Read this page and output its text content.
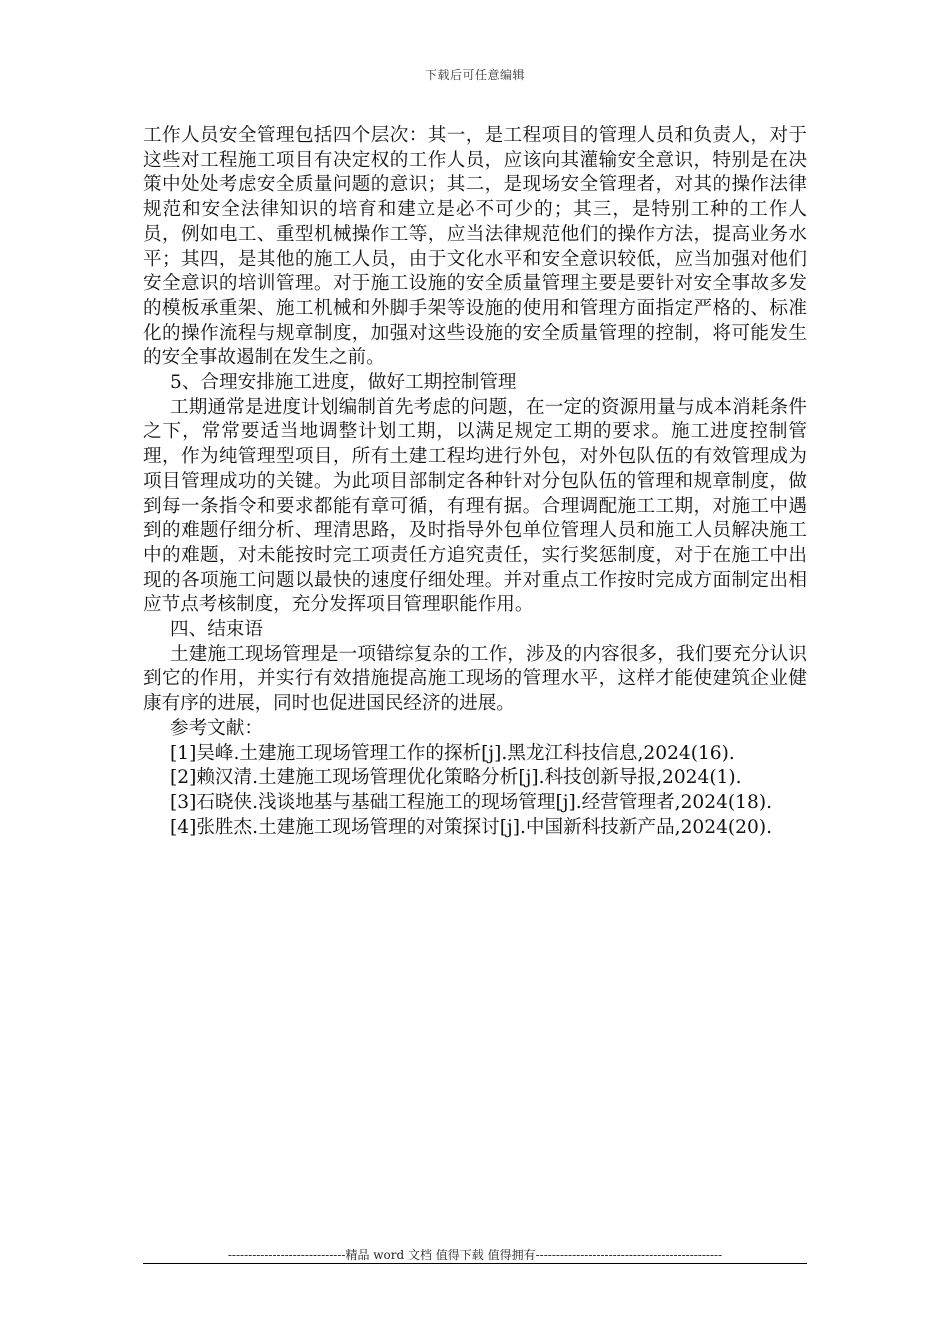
下载后可任意编辑

工作人员安全管理包括四个层次：其一，是工程项目的管理人员和负责人，对于这些对工程施工项目有决定权的工作人员，应该向其灌输安全意识，特别是在决策中处处考虑安全质量问题的意识；其二，是现场安全管理者，对其的操作法律规范和安全法律知识的培育和建立是必不可少的；其三，是特别工种的工作人员，例如电工、重型机械操作工等，应当法律规范他们的操作方法，提高业务水平；其四，是其他的施工人员，由于文化水平和安全意识较低，应当加强对他们安全意识的培训管理。对于施工设施的安全质量管理主要是要针对安全事故多发的模板承重架、施工机械和外脚手架等设施的使用和管理方面指定严格的、标准化的操作流程与规章制度，加强对这些设施的安全质量管理的控制，将可能发生的安全事故遏制在发生之前。

5、合理安排施工进度，做好工期控制管理

工期通常是进度计划编制首先考虑的问题，在一定的资源用量与成本消耗条件之下，常常要适当地调整计划工期，以满足规定工期的要求。施工进度控制管理，作为纯管理型项目，所有土建工程均进行外包，对外包队伍的有效管理成为项目管理成功的关键。为此项目部制定各种针对分包队伍的管理和规章制度，做到每一条指令和要求都能有章可循，有理有据。合理调配施工工期，对施工中遇到的难题仔细分析、理清思路，及时指导外包单位管理人员和施工人员解决施工中的难题，对未能按时完工项责任方追究责任，实行奖惩制度，对于在施工中出现的各项施工问题以最快的速度仔细处理。并对重点工作按时完成方面制定出相应节点考核制度，充分发挥项目管理职能作用。

四、结束语

土建施工现场管理是一项错综复杂的工作，涉及的内容很多，我们要充分认识到它的作用，并实行有效措施提高施工现场的管理水平，这样才能使建筑企业健康有序的进展，同时也促进国民经济的进展。

参考文献：

[1]吴峰.土建施工现场管理工作的探析[j].黑龙江科技信息,2024(16).

[2]赖汉清.土建施工现场管理优化策略分析[j].科技创新导报,2024(1).

[3]石晓侠.浅谈地基与基础工程施工的现场管理[j].经营管理者,2024(18).

[4]张胜杰.土建施工现场管理的对策探讨[j].中国新科技新产品,2024(20).

-----------------------------精品 word 文档 值得下载 值得拥有----------------------------------------------
